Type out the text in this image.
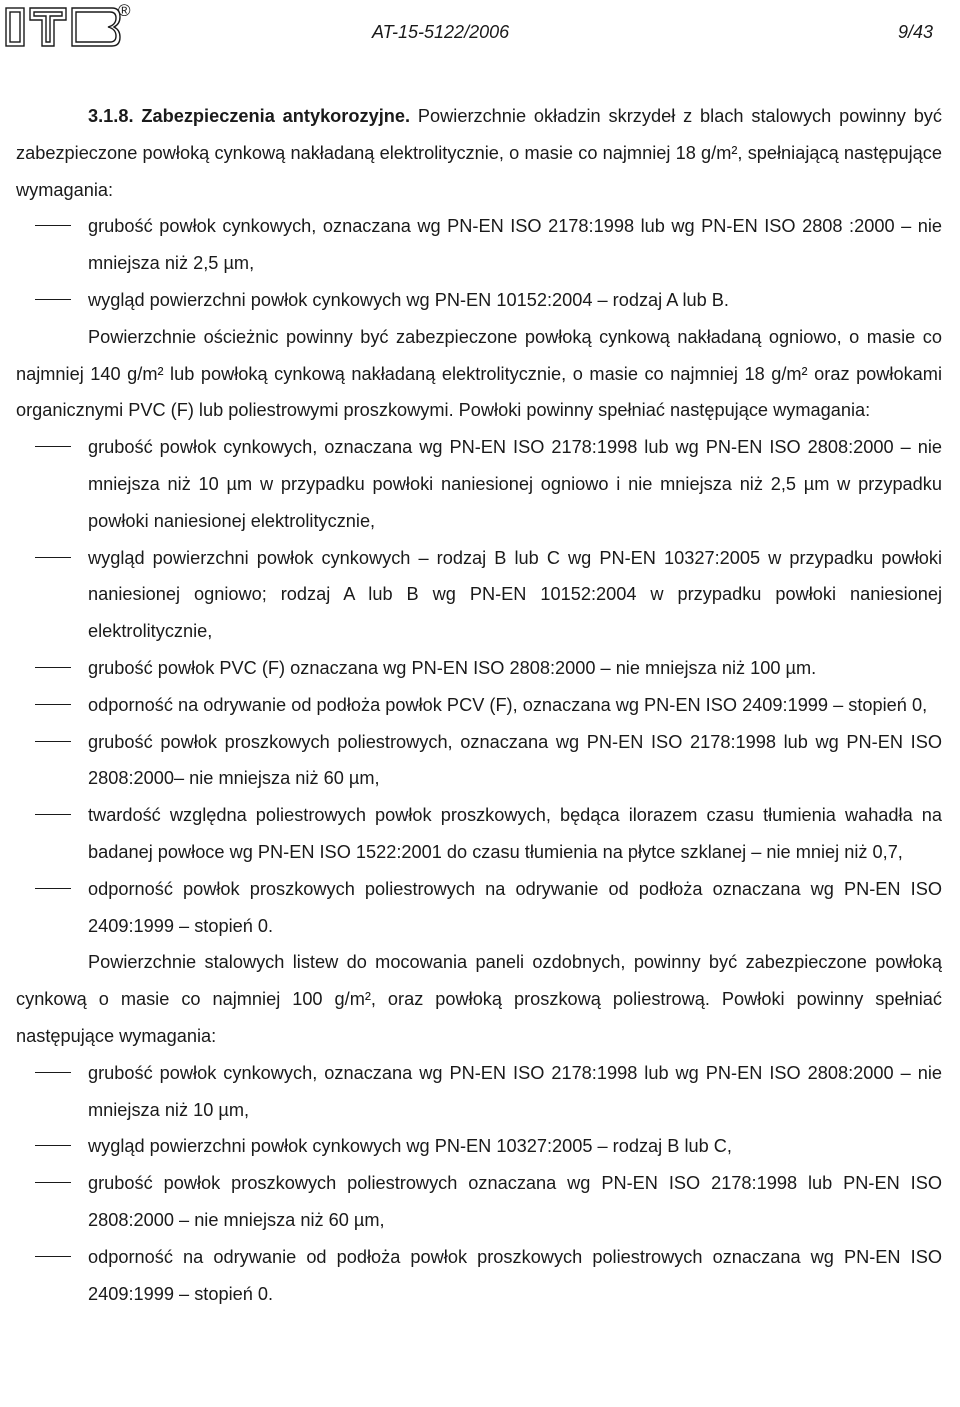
®
AT-15-5122/2006	9/43

3.1.8. Zabezpieczenia antykorozyjne. Powierzchnie okładzin skrzydeł z blach stalowych powinny być zabezpieczone powłoką cynkową nakładaną elektrolitycznie, o masie co najmniej 18 g/m², spełniającą następujące wymagania:

grubość powłok cynkowych, oznaczana wg PN-EN ISO 2178:1998 lub wg PN-EN ISO 2808 :2000 – nie mniejsza niż 2,5 µm,
wygląd powierzchni powłok cynkowych wg PN-EN 10152:2004 – rodzaj A lub B.

Powierzchnie ościeżnic powinny być zabezpieczone powłoką cynkową nakładaną ogniowo, o masie co najmniej 140 g/m² lub powłoką cynkową nakładaną elektrolitycznie, o masie co najmniej 18 g/m² oraz powłokami organicznymi PVC (F) lub poliestrowymi proszkowymi. Powłoki powinny spełniać następujące wymagania:

grubość powłok cynkowych, oznaczana wg PN-EN ISO 2178:1998 lub wg PN-EN ISO 2808:2000 – nie mniejsza niż 10 µm w przypadku powłoki naniesionej ogniowo i nie mniejsza niż 2,5 µm w przypadku powłoki naniesionej elektrolitycznie,
wygląd powierzchni powłok cynkowych – rodzaj B lub C wg PN-EN 10327:2005 w przypadku powłoki naniesionej ogniowo; rodzaj A lub B wg PN-EN 10152:2004 w przypadku powłoki naniesionej elektrolitycznie,
grubość powłok PVC (F) oznaczana wg PN-EN ISO 2808:2000 – nie mniejsza niż 100 µm.
odporność na odrywanie od podłoża powłok PCV (F), oznaczana wg PN-EN ISO 2409:1999 – stopień 0,
grubość powłok proszkowych poliestrowych, oznaczana wg PN-EN ISO 2178:1998 lub wg PN-EN ISO 2808:2000– nie mniejsza niż 60 µm,
twardość względna poliestrowych powłok proszkowych, będąca ilorazem czasu tłumienia wahadła na badanej powłoce wg PN-EN ISO 1522:2001 do czasu tłumienia na płytce szklanej – nie mniej niż 0,7,
odporność powłok proszkowych poliestrowych na odrywanie od podłoża oznaczana wg PN-EN ISO 2409:1999 – stopień 0.

Powierzchnie stalowych listew do mocowania paneli ozdobnych, powinny być zabezpieczone powłoką cynkową o masie co najmniej 100 g/m², oraz powłoką proszkową poliestrową. Powłoki powinny spełniać następujące wymagania:

grubość powłok cynkowych, oznaczana wg PN-EN ISO 2178:1998 lub wg PN-EN ISO 2808:2000 – nie mniejsza niż 10 µm,
wygląd powierzchni powłok cynkowych wg PN-EN 10327:2005 – rodzaj B lub C,
grubość powłok proszkowych poliestrowych oznaczana wg PN-EN ISO 2178:1998 lub PN-EN ISO 2808:2000 – nie mniejsza niż 60 µm,
odporność na odrywanie od podłoża powłok proszkowych poliestrowych oznaczana wg PN-EN ISO 2409:1999 – stopień 0.
